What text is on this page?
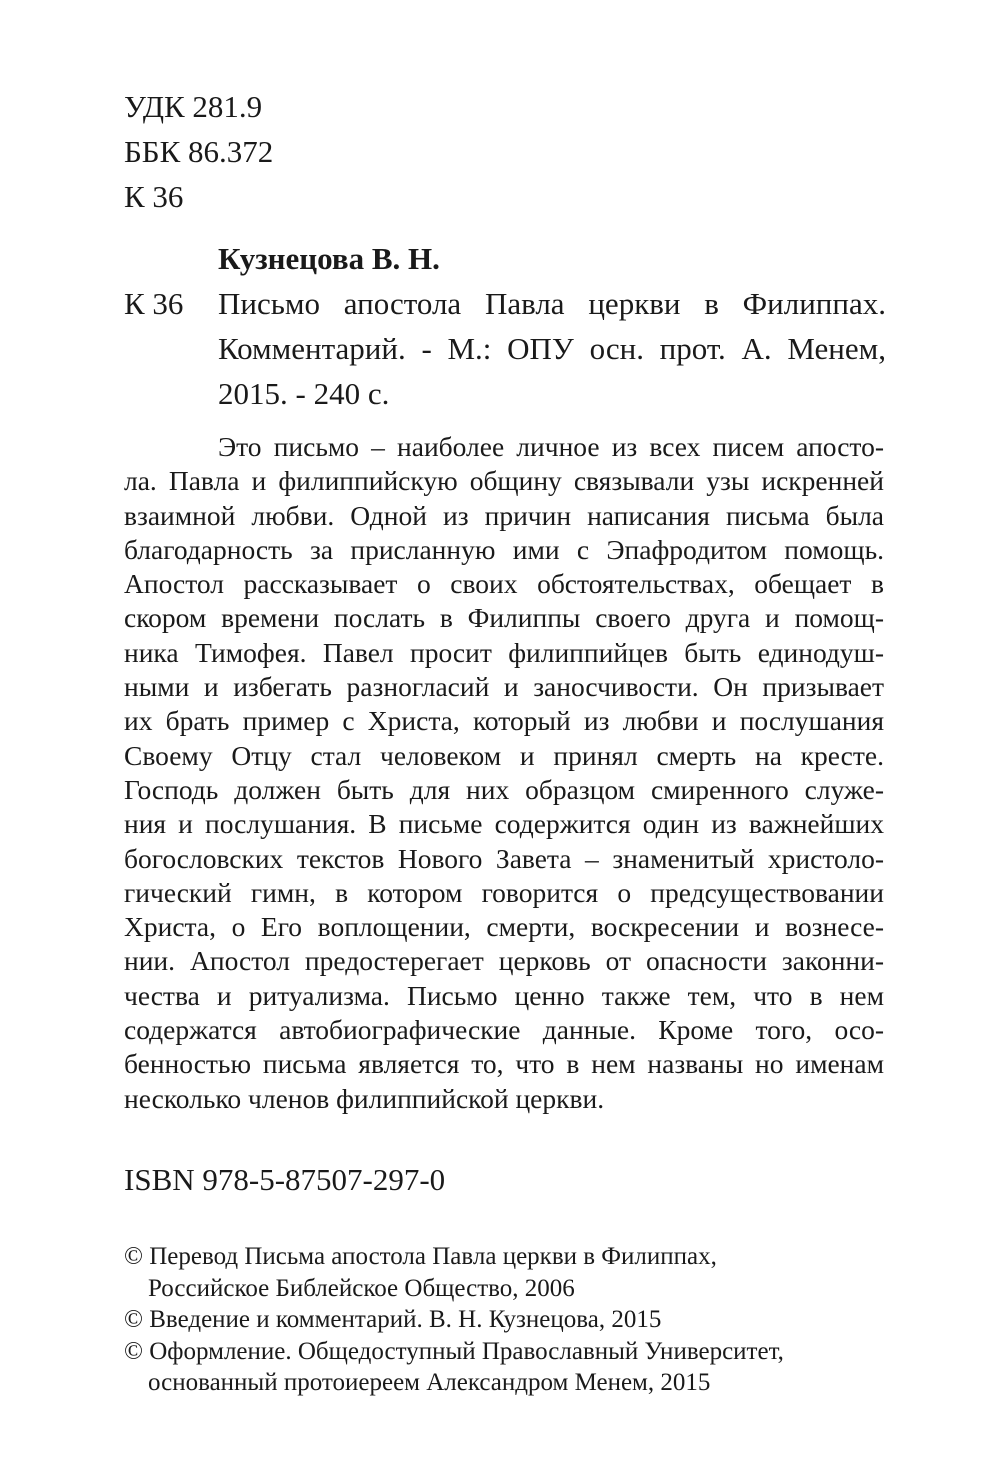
УДК 281.9
ББК 86.372
К 36
Кузнецова В. Н.
К 36 Письмо апостола Павла церкви в Филиппах.
Комментарий. - М.: ОПУ осн. прот. А. Менем,
2015. - 240 с.
Это письмо – наиболее личное из всех писем апосто-
ла. Павла и филиппийскую общину связывали узы искренней
взаимной любви. Одной из причин написания письма была
благодарность за присланную ими с Эпафродитом помощь.
Апостол рассказывает о своих обстоятельствах, обещает в
скором времени послать в Филиппы своего друга и помощ-
ника Тимофея. Павел просит филиппийцев быть единодуш-
ными и избегать разногласий и заносчивости. Он призывает
их брать пример с Христа, который из любви и послушания
Своему Отцу стал человеком и принял смерть на кресте.
Господь должен быть для них образцом смиренного служе-
ния и послушания. В письме содержится один из важнейших
богословских текстов Нового Завета – знаменитый христоло-
гический гимн, в котором говорится о предсуществовании
Христа, о Его воплощении, смерти, воскресении и вознесе-
нии. Апостол предостерегает церковь от опасности законни-
чества и ритуализма. Письмо ценно также тем, что в нем
содержатся автобиографические данные. Кроме того, осо-
бенностью письма является то, что в нем названы но именам
несколько членов филиппийской церкви.
ISBN 978-5-87507-297-0
© Перевод Письма апостола Павла церкви в Филиппах,
Российское Библейское Общество, 2006
© Введение и комментарий. В. Н. Кузнецова, 2015
© Оформление. Общедоступный Православный Университет,
основанный протоиереем Александром Менем, 2015
